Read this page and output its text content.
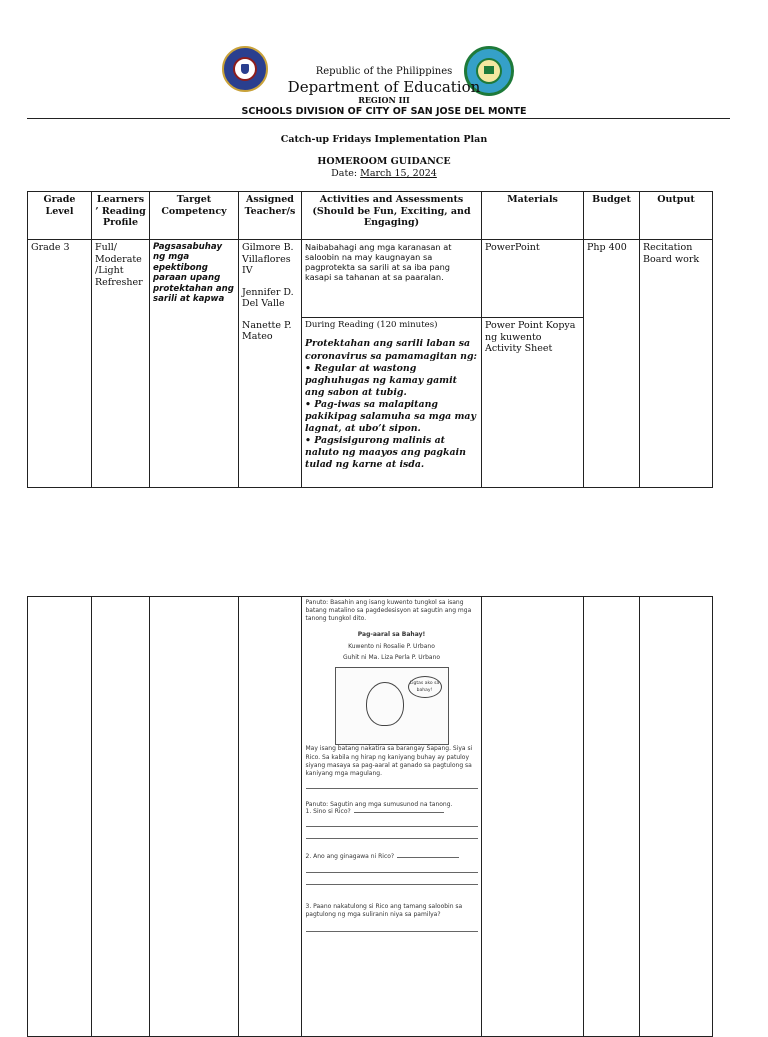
Republic of the Philippines
Department of Education
REGION III
SCHOOLS DIVISION OF CITY OF SAN JOSE DEL MONTE
Catch-up Fridays Implementation Plan
HOMEROOM GUIDANCE
Date: March 15, 2024
Grade Level	Learners ’ Reading Profile	Target Competency	Assigned Teacher/s	Activities and Assessments (Should be Fun, Exciting, and Engaging)	Materials	Budget	Output
Grade 3	Full/ Moderate /Light Refresher	Pagsasabuhay ng mga epektibong paraan upang protektahan ang sarili at kapwa	Gilmore B. Villaflores IV
Jennifer D. Del Valle
Nanette P. Mateo	Naibabahagi ang mga karanasan at saloobin na may kaugnayan sa pagprotekta sa sarili at sa iba pang kasapi sa tahanan at sa paaralan.	PowerPoint	Php 400	Recitation Board work

				During Reading (120 minutes)
Protektahan ang sarili laban sa coronavirus sa pamamagitan ng:
• Regular at wastong paghuhugas ng kamay gamit ang sabon at tubig.
• Pag-iwas sa malapitang pakikipag salamuha sa mga may lagnat, at ubo’t sipon.
• Pagsisigurong malinis at naluto ng maayos ang pagkain tulad ng karne at isda.	Power Point Kopya ng kuwento Activity Sheet		

Panuto: Basahin ang isang kuwento tungkol sa isang batang matalino sa pagdedesisyon at sagutin ang mga tanong tungkol dito.

Pag-aaral sa Bahay!

Kuwento ni Rosalie P. Urbano

Guhit ni Ma. Liza Perla P. Urbano

Ligtas ako sa bahay!

May isang batang nakatira sa barangay Sapang. Siya si Rico. Sa kabila ng hirap ng kaniyang buhay ay patuloy siyang masaya sa pag-aaral at ganado sa pagtulong sa kaniyang mga magulang.

Panuto: Sagutin ang mga sumusunod na tanong.

1. Sino si Rico?

2. Ano ang ginagawa ni Rico?

3. Paano nakatulong si Rico ang tamang saloobin sa pagtulong ng mga suliranin niya sa pamilya?
